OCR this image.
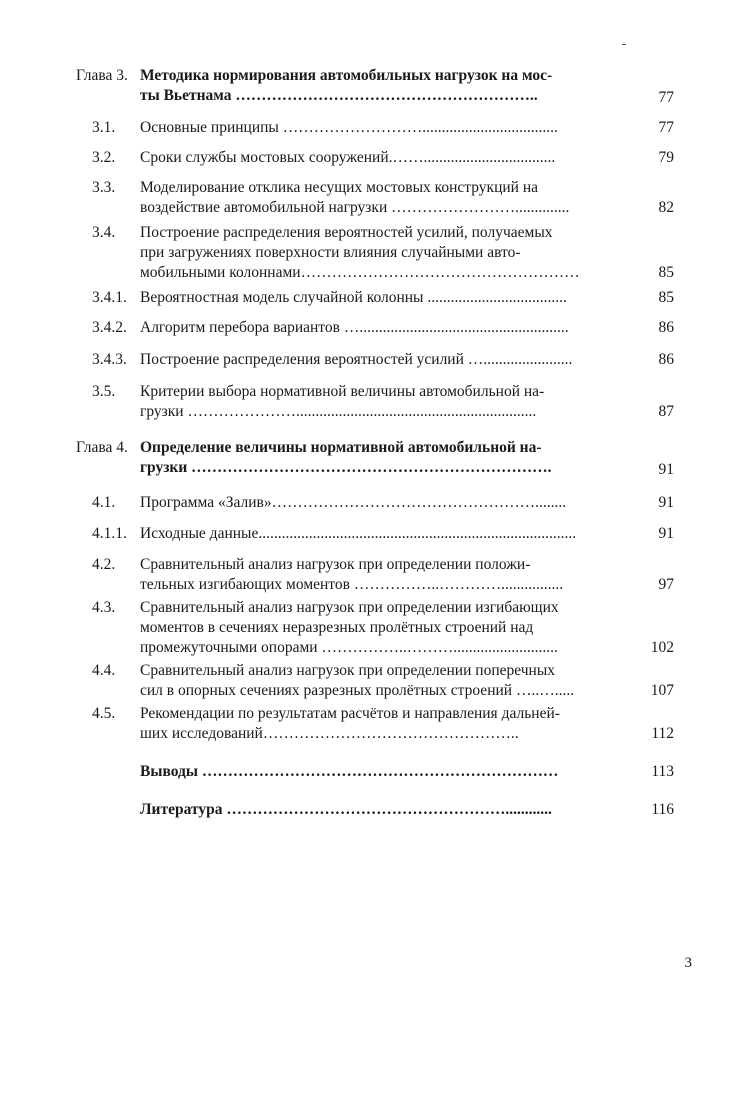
Глава 3. Методика нормирования автомобильных нагрузок на мос-
ты Вьетнама …………………………………………………..	77
3.1. Основные принципы ………………………...................................	77
3.2. Сроки службы мостовых сооружений.……..................................	79
3.3. Моделирование отклика несущих мостовых конструкций на
воздействие автомобильной нагрузки ……………………..............	82
3.4. Построение распределения вероятностей усилий, получаемых
при загружениях поверхности влияния случайными авто-
мобильными колоннами………………………………………………	85
3.4.1. Вероятностная модель случайной колонны ....................................	85
3.4.2. Алгоритм перебора вариантов …......................................................	86
3.4.3. Построение распределения вероятностей усилий ….......................	86
3.5. Критерии выбора нормативной величины автомобильной на-
грузки …………………..............................................................	87
Глава 4. Определение величины нормативной автомобильной на-
грузки …………………………………………………………….	91
4.1. Программа «Залив»……………………………………………........	91
4.1.1. Исходные данные..................................................................................	91
4.2. Сравнительный анализ нагрузок при определении положи-
тельных изгибающих моментов ……………..…………................	97
4.3. Сравнительный анализ нагрузок при определении изгибающих
моментов в сечениях неразрезных пролётных строений над
промежуточными опорами ……………..………...........................	102
4.4. Сравнительный анализ нагрузок при определении поперечных
сил в опорных сечениях разрезных пролётных строений …..….....	107
4.5. Рекомендации по результатам расчётов и направления дальней-
ших исследований…………………………………………..	112
Выводы ……………………………………………………………	113
Литература ………………………………………………............	116
3
